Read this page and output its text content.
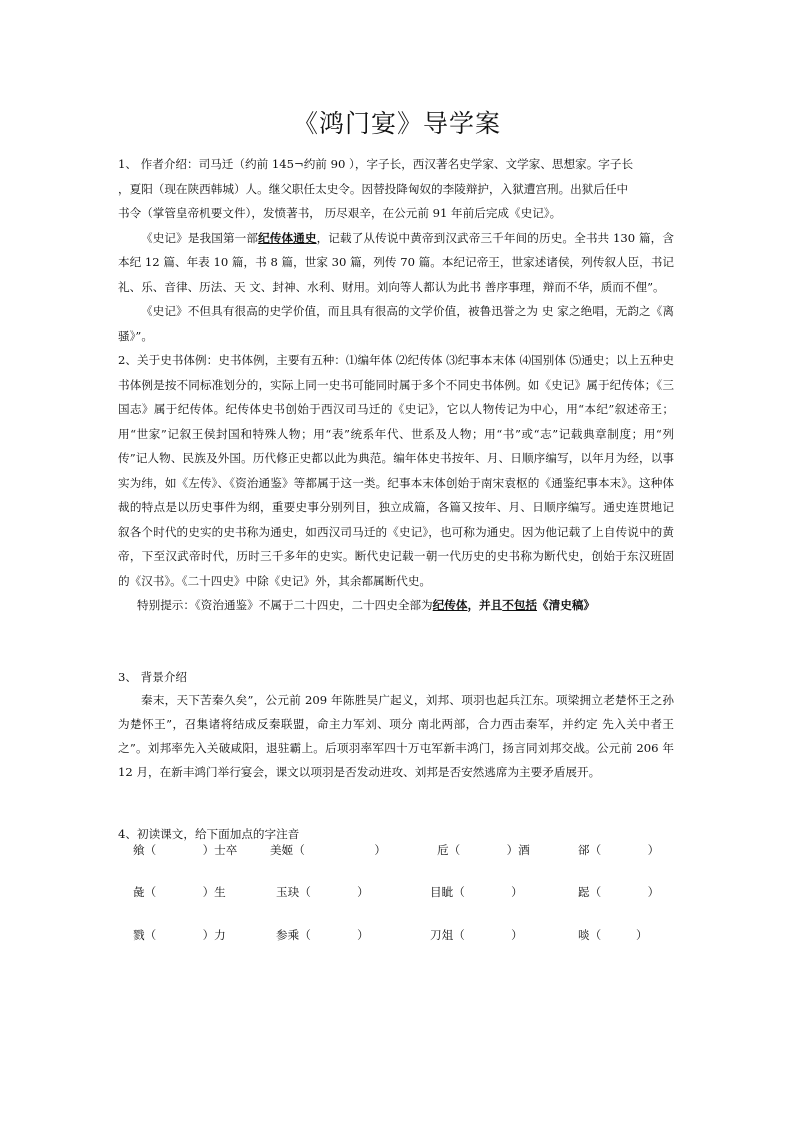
《鸿门宴》导学案

1、 作者介绍：司马迁（约前 145¬约前 90 ），字子长，西汉著名史学家、文学家、思想家。字子长

，夏阳（现在陕西韩城）人。继父职任太史令。因替投降匈奴的李陵辩护，入狱遭宫刑。出狱后任中

书令（掌管皇帝机要文件），发愤著书， 历尽艰辛，在公元前 91 年前后完成《史记》。

《史记》是我国第一部纪传体通史，记载了从传说中黄帝到汉武帝三千年间的历史。全书共 130 篇，含本纪 12 篇、年表 10 篇，书 8 篇，世家 30 篇，列传 70 篇。本纪记帝王，世家述诸侯，列传叙人臣，书记礼、乐、音律、历法、天 文、封神、水利、财用。刘向等人都认为此书 善序事理，辩而不华，质而不俚”。

《史记》不但具有很高的史学价值，而且具有很高的文学价值，被鲁迅誉之为 史 家之绝唱，无韵之《离骚》”。

2、关于史书体例：史书体例，主要有五种：⑴编年体 ⑵纪传体 ⑶纪事本末体 ⑷国别体 ⑸通史；以上五种史书体例是按不同标准划分的，实际上同一史书可能同时属于多个不同史书体例。如《史记》属于纪传体；《三国志》属于纪传体。纪传体史书创始于西汉司马迁的《史记》，它以人物传记为中心，用“本纪”叙述帝王；用“世家”记叙王侯封国和特殊人物；用“表”统系年代、世系及人物；用“书”或“志”记载典章制度；用“列传”记人物、民族及外国。历代修正史都以此为典范。编年体史书按年、月、日顺序编写，以年月为经，以事实为纬，如《左传》、《资治通鉴》等都属于这一类。纪事本末体创始于南宋袁枢的《通鉴纪事本末》。这种体裁的特点是以历史事件为纲，重要史事分别列目，独立成篇，各篇又按年、月、日顺序编写。通史连贯地记叙各个时代的史实的史书称为通史，如西汉司马迁的《史记》，也可称为通史。因为他记载了上自传说中的黄帝，下至汉武帝时代，历时三千多年的史实。断代史记载一朝一代历史的史书称为断代史，创始于东汉班固的《汉书》。《二十四史》中除《史记》外，其余都属断代史。

特别提示：《资治通鉴》不属于二十四史，二十四史全部为纪传体，并且不包括《清史稿》

3、 背景介绍

秦末，天下苦秦久矣”，公元前 209 年陈胜吴广起义，刘邦、项羽也起兵江东。项梁拥立老楚怀王之孙为楚怀王”，召集诸将结成反秦联盟，命主力军刘、项分 南北两部，合力西击秦军，并约定 先入关中者王之”。刘邦率先入关破咸阳，退驻霸上。后项羽率军四十万屯军新丰鸿门，扬言同刘邦交战。公元前 206 年 12 月，在新丰鸿门举行宴会，课文以项羽是否发动进攻、刘邦是否安然逃席为主要矛盾展开。

4、初读课文，给下面加点的字注音
飨（　　　　）士卒	美姬（　　　　　　）	卮（　　　　）酒	郤（　　　　）
彘（　　　　）生	玉玦（　　　　）	目眦（　　　　）	跽（　　　　）
戮（　　　　）力	参乘（　　　　）	刀俎（　　　　）	啖（　　　）
